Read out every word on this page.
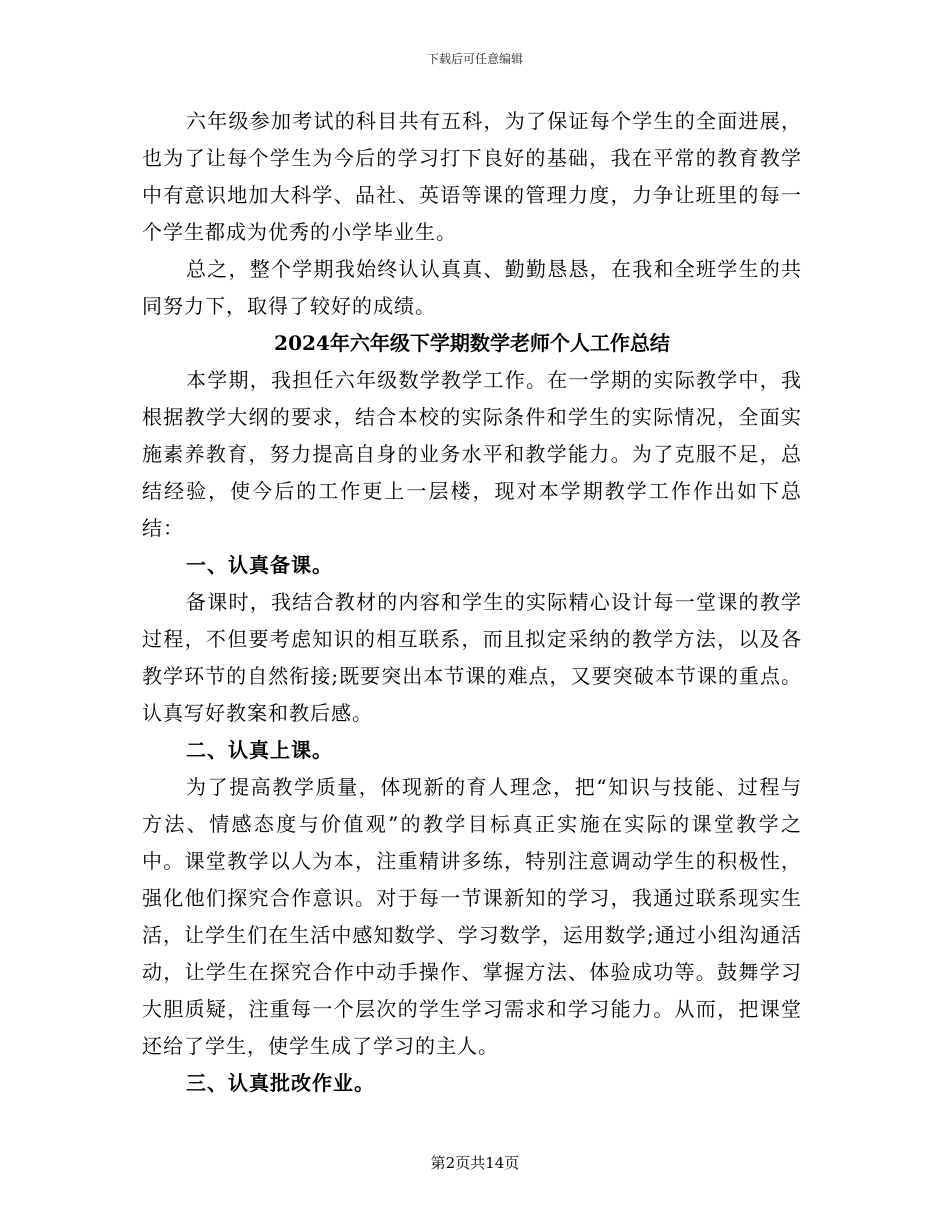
下载后可任意编辑

六年级参加考试的科目共有五科，为了保证每个学生的全面进展，也为了让每个学生为今后的学习打下良好的基础，我在平常的教育教学中有意识地加大科学、品社、英语等课的管理力度，力争让班里的每一个学生都成为优秀的小学毕业生。

总之，整个学期我始终认认真真、勤勤恳恳，在我和全班学生的共同努力下，取得了较好的成绩。

2024年六年级下学期数学老师个人工作总结

本学期，我担任六年级数学教学工作。在一学期的实际教学中，我根据教学大纲的要求，结合本校的实际条件和学生的实际情况，全面实施素养教育，努力提高自身的业务水平和教学能力。为了克服不足，总结经验，使今后的工作更上一层楼，现对本学期教学工作作出如下总结：

一、认真备课。

备课时，我结合教材的内容和学生的实际精心设计每一堂课的教学过程，不但要考虑知识的相互联系，而且拟定采纳的教学方法，以及各教学环节的自然衔接;既要突出本节课的难点，又要突破本节课的重点。认真写好教案和教后感。

二、认真上课。

为了提高教学质量，体现新的育人理念，把“知识与技能、过程与方法、情感态度与价值观”的教学目标真正实施在实际的课堂教学之中。课堂教学以人为本，注重精讲多练，特别注意调动学生的积极性，强化他们探究合作意识。对于每一节课新知的学习，我通过联系现实生活，让学生们在生活中感知数学、学习数学，运用数学;通过小组沟通活动，让学生在探究合作中动手操作、掌握方法、体验成功等。鼓舞学习大胆质疑，注重每一个层次的学生学习需求和学习能力。从而，把课堂还给了学生，使学生成了学习的主人。

三、认真批改作业。
第2页共14页
